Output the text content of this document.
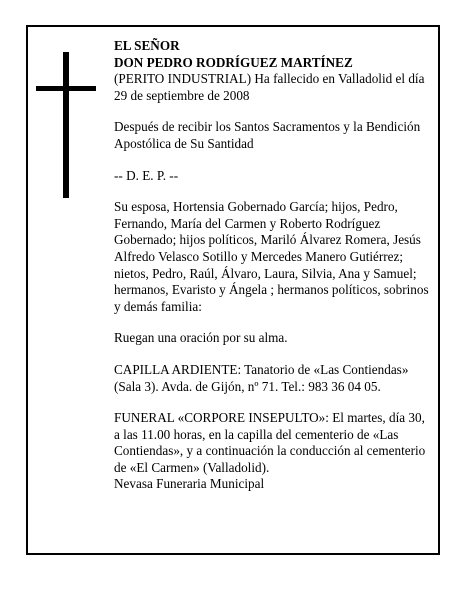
EL SEÑOR
DON PEDRO RODRÍGUEZ MARTÍNEZ
(PERITO INDUSTRIAL) Ha fallecido en Valladolid el día 29 de septiembre de 2008

Después de recibir los Santos Sacramentos y la Bendición Apostólica de Su Santidad

-- D. E. P. --

Su esposa, Hortensia Gobernado García; hijos, Pedro, Fernando, María del Carmen y Roberto Rodríguez Gobernado; hijos políticos, Mariló Álvarez Romera, Jesús Alfredo Velasco Sotillo y Mercedes Manero Gutiérrez; nietos, Pedro, Raúl, Álvaro, Laura, Silvia, Ana y Samuel; hermanos, Evaristo y Ángela ; hermanos políticos, sobrinos y demás familia:

Ruegan una oración por su alma.

CAPILLA ARDIENTE: Tanatorio de «Las Contiendas» (Sala 3). Avda. de Gijón, nº 71. Tel.: 983 36 04 05.

FUNERAL «CORPORE INSEPULTO»: El martes, día 30, a las 11.00 horas, en la capilla del cementerio de «Las Contiendas», y a continuación la conducción al cementerio de «El Carmen» (Valladolid).

Nevasa Funeraria Municipal
